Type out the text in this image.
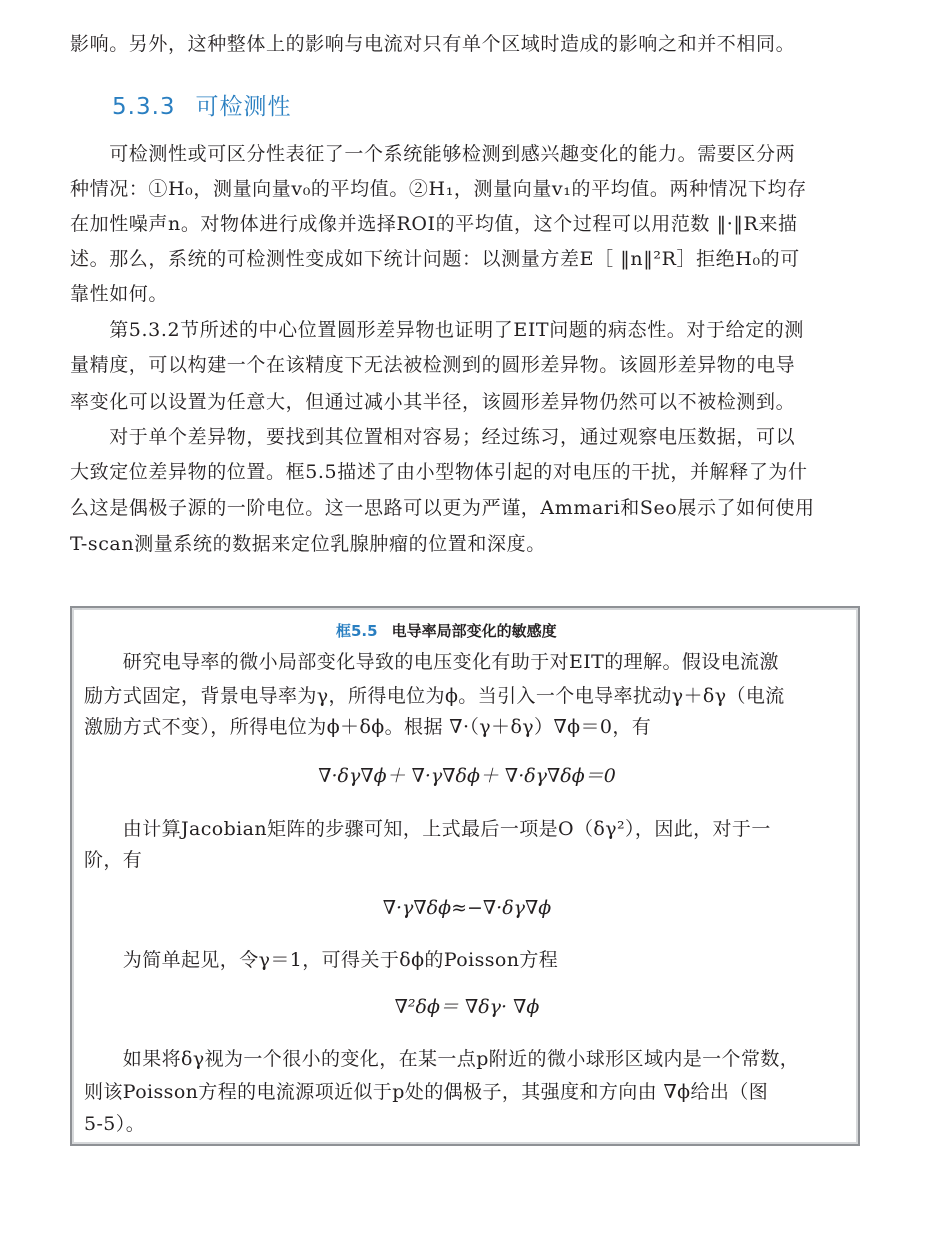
影响。另外，这种整体上的影响与电流对只有单个区域时造成的影响之和并不相同。
5.3.3 可检测性
　　可检测性或可区分性表征了一个系统能够检测到感兴趣变化的能力。需要区分两
种情况：①H₀，测量向量v₀的平均值。②H₁，测量向量v₁的平均值。两种情况下均存
在加性噪声n。对物体进行成像并选择ROI的平均值，这个过程可以用范数 ‖·‖R来描
述。那么，系统的可检测性变成如下统计问题：以测量方差E［ ‖n‖²R］拒绝H₀的可
靠性如何。
　　第5.3.2节所述的中心位置圆形差异物也证明了EIT问题的病态性。对于给定的测
量精度，可以构建一个在该精度下无法被检测到的圆形差异物。该圆形差异物的电导
率变化可以设置为任意大，但通过减小其半径，该圆形差异物仍然可以不被检测到。
　　对于单个差异物，要找到其位置相对容易；经过练习，通过观察电压数据，可以
大致定位差异物的位置。框5.5描述了由小型物体引起的对电压的干扰，并解释了为什
么这是偶极子源的一阶电位。这一思路可以更为严谨，Ammari和Seo展示了如何使用
T-scan测量系统的数据来定位乳腺肿瘤的位置和深度。
框5.5 电导率局部变化的敏感度
　　研究电导率的微小局部变化导致的电压变化有助于对EIT的理解。假设电流激
励方式固定，背景电导率为γ，所得电位为ϕ。当引入一个电导率扰动γ＋δγ（电流
激励方式不变），所得电位为ϕ＋δϕ。根据 ∇·（γ＋δγ）∇ϕ＝0，有
∇·δγ∇ϕ＋ ∇·γ∇δϕ＋ ∇·δγ∇δϕ＝0
　　由计算Jacobian矩阵的步骤可知，上式最后一项是O（δγ²），因此，对于一
阶，有
∇·γ∇δϕ≈−∇·δγ∇ϕ
　　为简单起见，令γ＝1，可得关于δϕ的Poisson方程
∇²δϕ＝ ∇δγ· ∇ϕ
　　如果将δγ视为一个很小的变化，在某一点p附近的微小球形区域内是一个常数，
则该Poisson方程的电流源项近似于p处的偶极子，其强度和方向由 ∇ϕ给出（图
5-5）。
